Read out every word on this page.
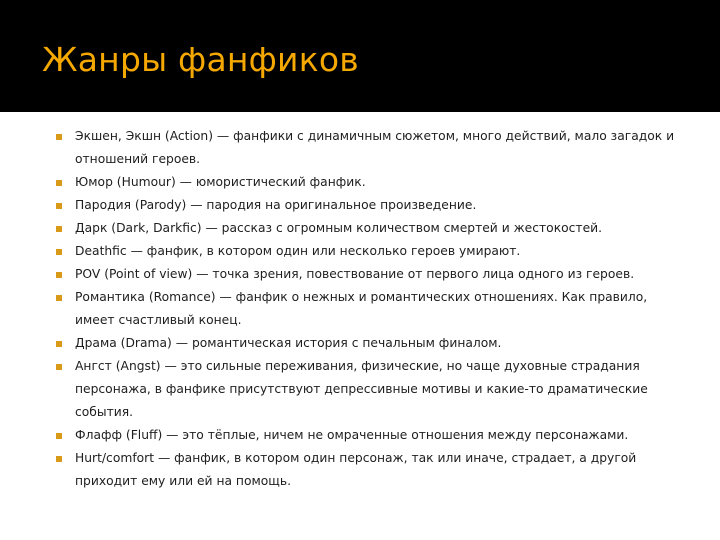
Жанры фанфиков
Экшен, Экшн (Action) — фанфики с динамичным сюжетом, много действий, мало загадок и отношений героев.
Юмор (Humour) — юмористический фанфик.
Пародия (Parody) — пародия на оригинальное произведение.
Дарк (Dark, Darkfic) — рассказ с огромным количеством смертей и жестокостей.
Deathfic — фанфик, в котором один или несколько героев умирают.
POV (Point of view) — точка зрения, повествование от первого лица одного из героев.
Романтика (Romance) — фанфик о нежных и романтических отношениях. Как правило, имеет счастливый конец.
Драма (Drama) — романтическая история с печальным финалом.
Ангст (Angst) — это сильные переживания, физические, но чаще духовные страдания персонажа, в фанфике присутствуют депрессивные мотивы и какие-то драматические события.
Флафф (Fluff) — это тёплые, ничем не омраченные отношения между персонажами.
Hurt/comfort — фанфик, в котором один персонаж, так или иначе, страдает, а другой приходит ему или ей на помощь.
